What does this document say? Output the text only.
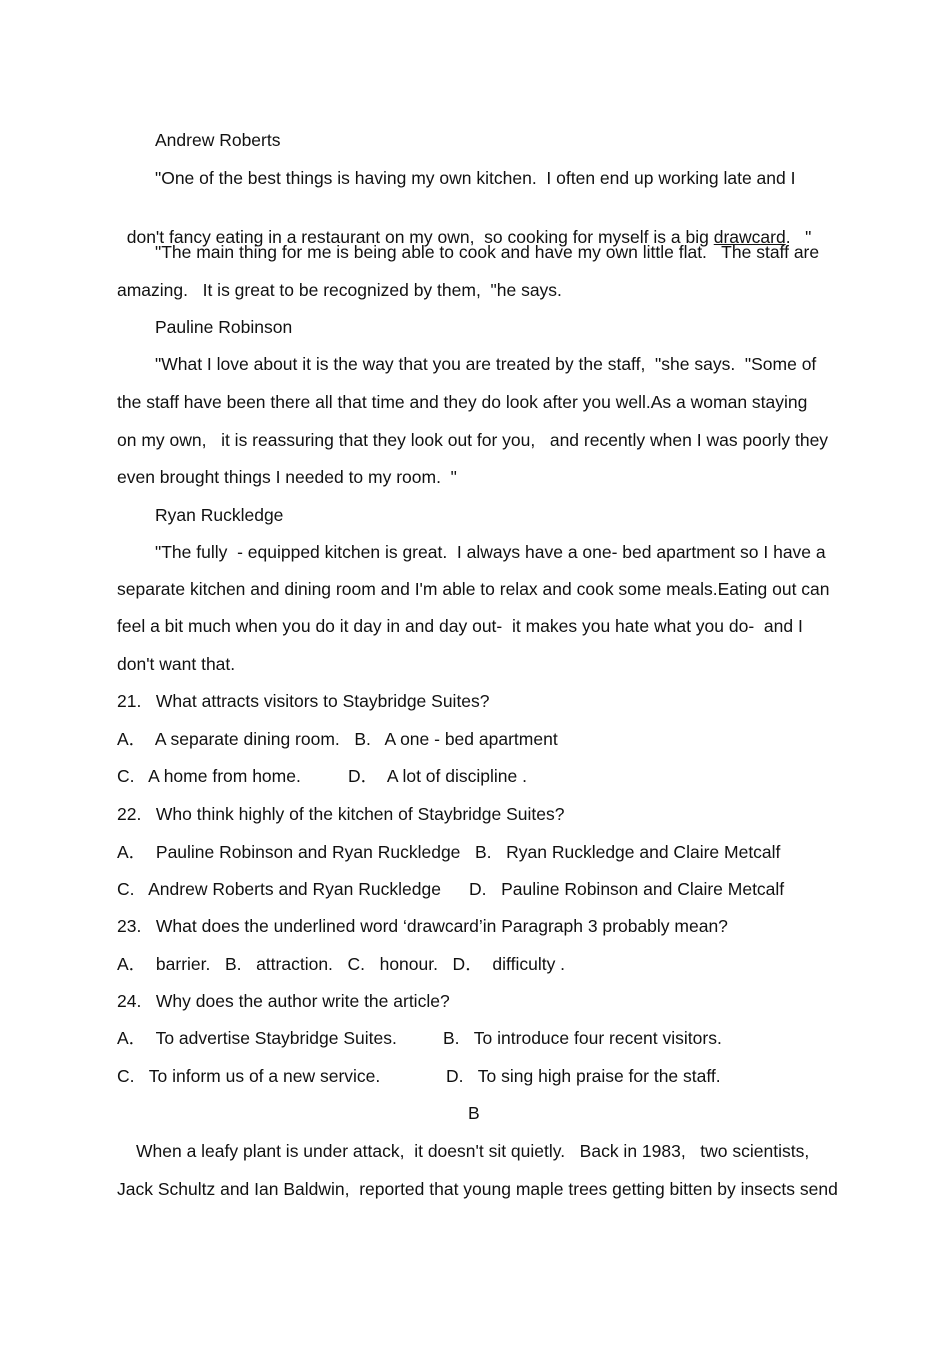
Andrew Roberts
"One of the best things is having my own kitchen.  I often end up working late and I

don't fancy eating in a restaurant on my own,  so cooking for myself is a big drawcard.   "

"The main thing for me is being able to cook and have my own little flat.   The staff are
amazing.   It is great to be recognized by them,  "he says.
Pauline Robinson
"What I love about it is the way that you are treated by the staff,  "she says.  "Some of
the staff have been there all that time and they do look after you well.As a woman staying
on my own,   it is reassuring that they look out for you,   and recently when I was poorly they
even brought things I needed to my room.  "
Ryan Ruckledge
"The fully  - equipped kitchen is great.  I always have a one- bed apartment so I have a
separate kitchen and dining room and I'm able to relax and cook some meals.Eating out can
feel a bit much when you do it day in and day out-  it makes you hate what you do-  and I
don't want that.
21.   What attracts visitors to Staybridge Suites?
A．  A separate dining room.   B.   A one - bed apartment
C.   A home from home.	D．  A lot of discipline .
22.   Who think highly of the kitchen of Staybridge Suites?
A．  Pauline Robinson and Ryan Ruckledge   B.   Ryan Ruckledge and Claire Metcalf
C.   Andrew Roberts and Ryan Ruckledge D.   Pauline Robinson and Claire Metcalf
23.   What does the underlined word ‘drawcard’in Paragraph 3 probably mean?
A．  barrier.   B.   attraction.   C.   honour.   D．  difficulty .
24.   Why does the author write the article?
A．  To advertise Staybridge Suites.	B.   To introduce four recent visitors.
C.   To inform us of a new service.	D.   To sing high praise for the staff.
B
When a leafy plant is under attack,  it doesn't sit quietly.   Back in 1983,   two scientists,
Jack Schultz and Ian Baldwin,  reported that young maple trees getting bitten by insects send
